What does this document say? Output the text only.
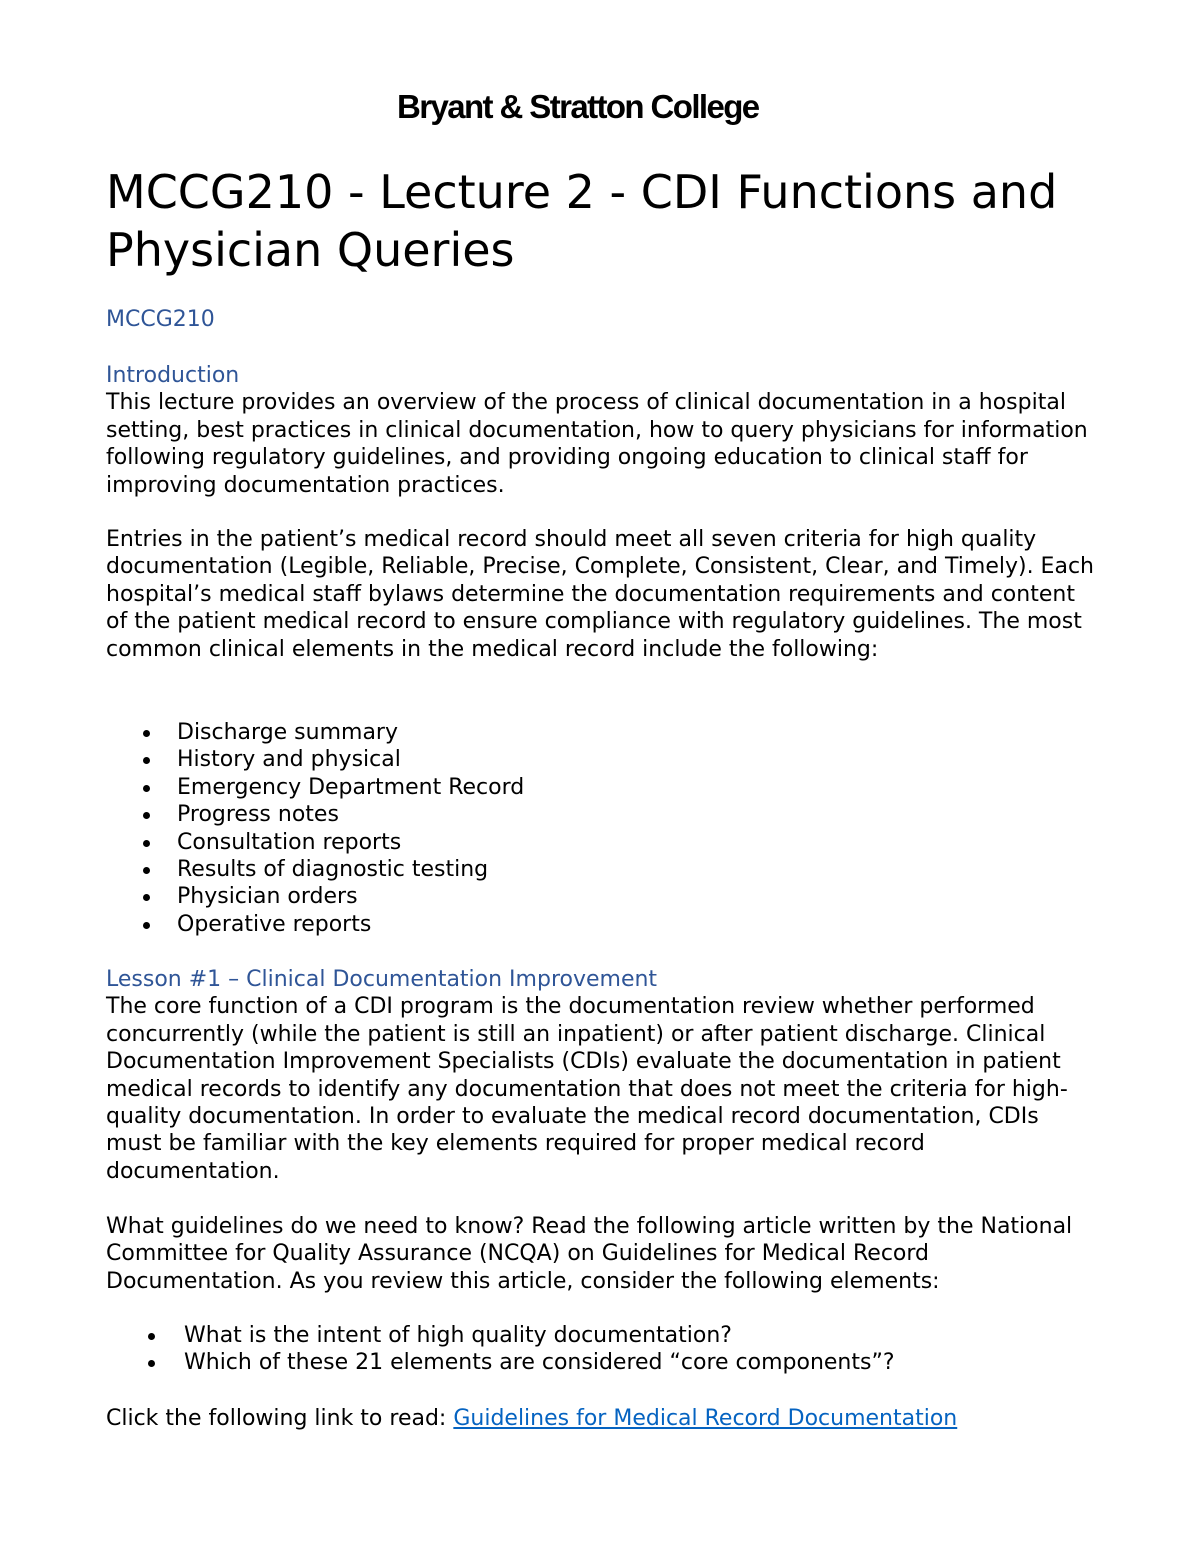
Bryant & Stratton College
MCCG210 - Lecture 2 - CDI Functions and Physician Queries

MCCG210

Introduction
This lecture provides an overview of the process of clinical documentation in a hospital setting, best practices in clinical documentation, how to query physicians for information following regulatory guidelines, and providing ongoing education to clinical staff for improving documentation practices.

Entries in the patient’s medical record should meet all seven criteria for high quality documentation (Legible, Reliable, Precise, Complete, Consistent, Clear, and Timely). Each hospital’s medical staff bylaws determine the documentation requirements and content of the patient medical record to ensure compliance with regulatory guidelines. The most common clinical elements in the medical record include the following:

Discharge summary
History and physical
Emergency Department Record
Progress notes
Consultation reports
Results of diagnostic testing
Physician orders
Operative reports
Lesson #1 – Clinical Documentation Improvement
The core function of a CDI program is the documentation review whether performed concurrently (while the patient is still an inpatient) or after patient discharge. Clinical Documentation Improvement Specialists (CDIs) evaluate the documentation in patient medical records to identify any documentation that does not meet the criteria for high-quality documentation. In order to evaluate the medical record documentation, CDIs must be familiar with the key elements required for proper medical record documentation.

What guidelines do we need to know? Read the following article written by the National Committee for Quality Assurance (NCQA) on Guidelines for Medical Record Documentation. As you review this article, consider the following elements:

What is the intent of high quality documentation?
Which of these 21 elements are considered “core components”?

Click the following link to read: Guidelines for Medical Record Documentation
